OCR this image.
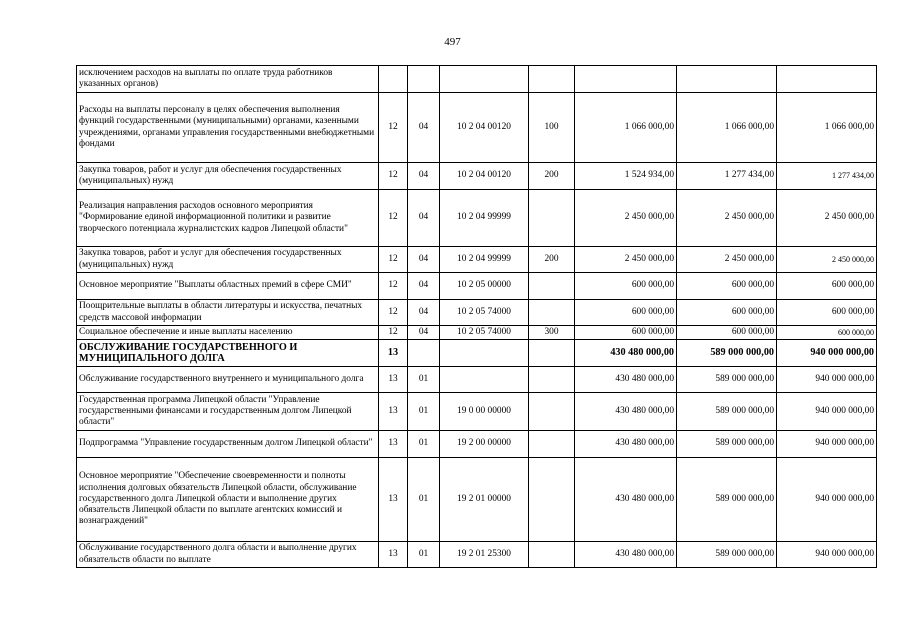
497
исключением расходов на выплаты по оплате труда работников указанных органов)							
Расходы на выплаты персоналу в целях обеспечения выполнения функций государственными (муниципальными) органами, казенными учреждениями, органами управления государственными внебюджетными фондами	12	04	10 2 04 00120	100	1 066 000,00	1 066 000,00	1 066 000,00
Закупка товаров, работ и услуг для обеспечения государственных (муниципальных) нужд	12	04	10 2 04 00120	200	1 524 934,00	1 277 434,00	1 277 434,00
Реализация направления расходов основного мероприятия "Формирование единой информационной политики и развитие творческого потенциала журналистских кадров Липецкой области"	12	04	10 2 04 99999		2 450 000,00	2 450 000,00	2 450 000,00
Закупка товаров, работ и услуг для обеспечения государственных (муниципальных) нужд	12	04	10 2 04 99999	200	2 450 000,00	2 450 000,00	2 450 000,00
Основное мероприятие "Выплаты областных премий в сфере СМИ"	12	04	10 2 05 00000		600 000,00	600 000,00	600 000,00
Поощрительные выплаты в области литературы и искусства, печатных средств массовой информации	12	04	10 2 05 74000		600 000,00	600 000,00	600 000,00
Социальное обеспечение и иные выплаты населению	12	04	10 2 05 74000	300	600 000,00	600 000,00	600 000,00
ОБСЛУЖИВАНИЕ ГОСУДАРСТВЕННОГО И МУНИЦИПАЛЬНОГО ДОЛГА	13				430 480 000,00	589 000 000,00	940 000 000,00
Обслуживание государственного внутреннего и муниципального долга	13	01			430 480 000,00	589 000 000,00	940 000 000,00
Государственная программа Липецкой области "Управление государственными финансами и государственным долгом Липецкой области"	13	01	19 0 00 00000		430 480 000,00	589 000 000,00	940 000 000,00
Подпрограмма "Управление государственным долгом Липецкой области"	13	01	19 2 00 00000		430 480 000,00	589 000 000,00	940 000 000,00
Основное мероприятие "Обеспечение своевременности и полноты исполнения долговых обязательств Липецкой области, обслуживание государственного долга Липецкой области и выполнение других обязательств Липецкой области по выплате агентских комиссий и вознаграждений"	13	01	19 2 01 00000		430 480 000,00	589 000 000,00	940 000 000,00
Обслуживание государственного долга области и выполнение других обязательств области по выплате	13	01	19 2 01 25300		430 480 000,00	589 000 000,00	940 000 000,00
